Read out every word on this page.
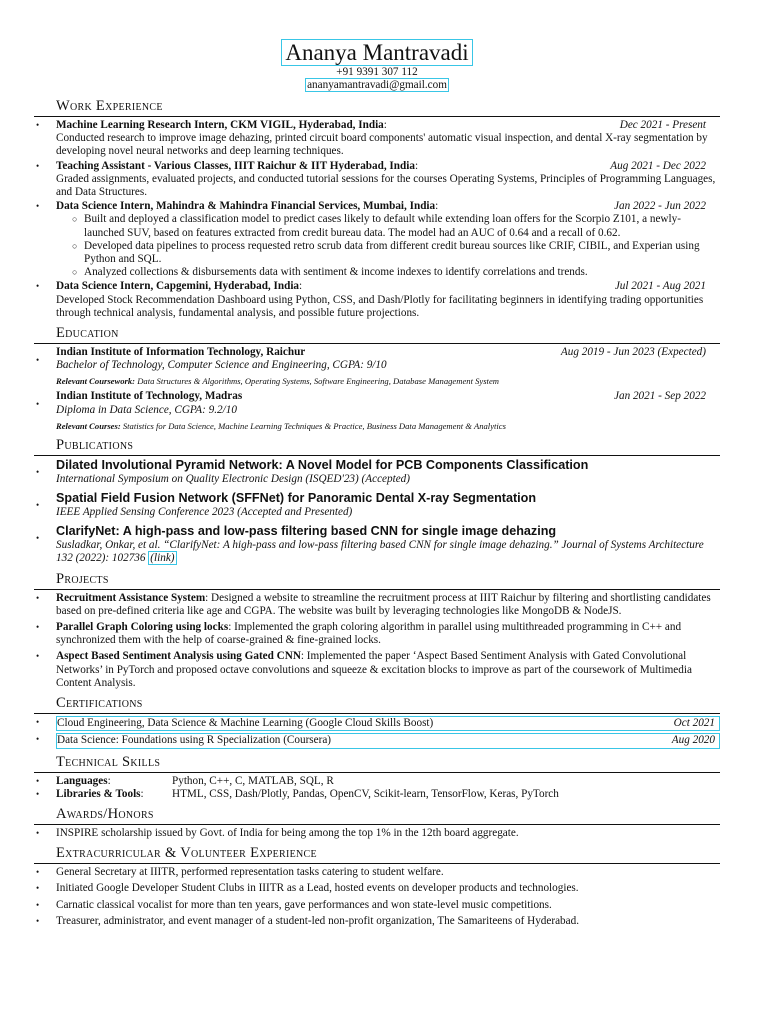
Ananya Mantravadi
+91 9391 307 112
ananyamantravadi@gmail.com
Work Experience
• Machine Learning Research Intern, CKM VIGIL, Hyderabad, India:	Dec 2021 - Present
Conducted research to improve image dehazing, printed circuit board components' automatic visual inspection, and dental X-ray segmentation by developing novel neural networks and deep learning techniques.
• Teaching Assistant - Various Classes, IIIT Raichur & IIT Hyderabad, India:	Aug 2021 - Dec 2022
Graded assignments, evaluated projects, and conducted tutorial sessions for the courses Operating Systems, Principles of Programming Languages, and Data Structures.
• Data Science Intern, Mahindra & Mahindra Financial Services, Mumbai, India:	Jan 2022 - Jun 2022
○ Built and deployed a classification model to predict cases likely to default while extending loan offers for the Scorpio Z101, a newly-launched SUV, based on features extracted from credit bureau data. The model had an AUC of 0.64 and a recall of 0.62.
○ Developed data pipelines to process requested retro scrub data from different credit bureau sources like CRIF, CIBIL, and Experian using Python and SQL.
○ Analyzed collections & disbursements data with sentiment & income indexes to identify correlations and trends.
• Data Science Intern, Capgemini, Hyderabad, India:	Jul 2021 - Aug 2021
Developed Stock Recommendation Dashboard using Python, CSS, and Dash/Plotly for facilitating beginners in identifying trading opportunities through technical analysis, fundamental analysis, and possible future projections.
Education
•
Indian Institute of Information Technology, Raichur	Aug 2019 - Jun 2023 (Expected)
Bachelor of Technology, Computer Science and Engineering, CGPA: 9/10
Relevant Coursework: Data Structures & Algorithms, Operating Systems, Software Engineering, Database Management System
•
Indian Institute of Technology, Madras	Jan 2021 - Sep 2022
Diploma in Data Science, CGPA: 9.2/10
Relevant Courses: Statistics for Data Science, Machine Learning Techniques & Practice, Business Data Management & Analytics
Publications
• Dilated Involutional Pyramid Network: A Novel Model for PCB Components Classification
International Symposium on Quality Electronic Design (ISQED'23) (Accepted)
• Spatial Field Fusion Network (SFFNet) for Panoramic Dental X-ray Segmentation
IEEE Applied Sensing Conference 2023 (Accepted and Presented)
• ClarifyNet: A high-pass and low-pass filtering based CNN for single image dehazing
Susladkar, Onkar, et al. “ClarifyNet: A high-pass and low-pass filtering based CNN for single image dehazing.” Journal of Systems Architecture 132 (2022): 102736 (link)
Projects
• Recruitment Assistance System: Designed a website to streamline the recruitment process at IIIT Raichur by filtering and shortlisting candidates based on pre-defined criteria like age and CGPA. The website was built by leveraging technologies like MongoDB & NodeJS.
• Parallel Graph Coloring using locks: Implemented the graph coloring algorithm in parallel using multithreaded programming in C++ and synchronized them with the help of coarse-grained & fine-grained locks.
• Aspect Based Sentiment Analysis using Gated CNN: Implemented the paper ‘Aspect Based Sentiment Analysis with Gated Convolutional Networks’ in PyTorch and proposed octave convolutions and squeeze & excitation blocks to improve as part of the coursework of Multimedia Content Analysis.
Certifications
• Cloud Engineering, Data Science & Machine Learning (Google Cloud Skills Boost)	Oct 2021
• Data Science: Foundations using R Specialization (Coursera)	Aug 2020
Technical Skills
• Languages:	Python, C++, C, MATLAB, SQL, R
• Libraries & Tools:	HTML, CSS, Dash/Plotly, Pandas, OpenCV, Scikit-learn, TensorFlow, Keras, PyTorch
Awards/Honors
• INSPIRE scholarship issued by Govt. of India for being among the top 1% in the 12th board aggregate.
Extracurricular & Volunteer Experience
• General Secretary at IIITR, performed representation tasks catering to student welfare.
• Initiated Google Developer Student Clubs in IIITR as a Lead, hosted events on developer products and technologies.
• Carnatic classical vocalist for more than ten years, gave performances and won state-level music competitions.
• Treasurer, administrator, and event manager of a student-led non-profit organization, The Samariteens of Hyderabad.
